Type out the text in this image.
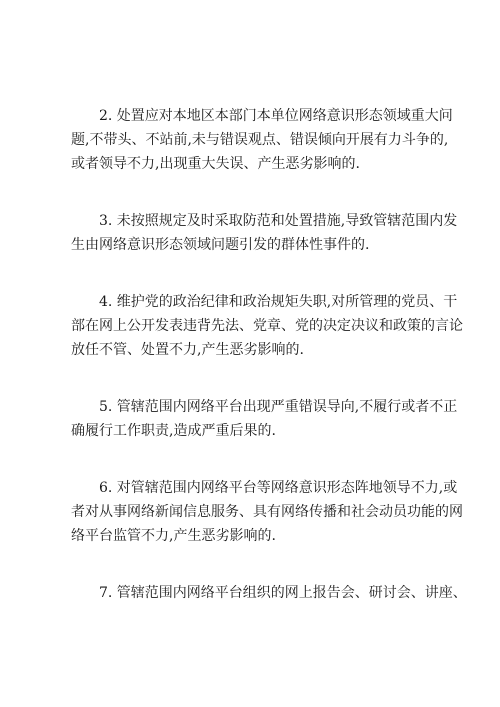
2. 处置应对本地区本部门本单位网络意识形态领域重大问
题,不带头、不站前,未与错误观点、错误倾向开展有力斗争的,
或者领导不力,出现重大失误、产生恶劣影响的.

3. 未按照规定及时采取防范和处置措施,导致管辖范围内发
生由网络意识形态领域问题引发的群体性事件的.

4. 维护党的政治纪律和政治规矩失职,对所管理的党员、干
部在网上公开发表违背先法、党章、党的决定决议和政策的言论
放任不管、处置不力,产生恶劣影响的.

5. 管辖范围内网络平台出现严重错误导向,不履行或者不正
确履行工作职责,造成严重后果的.

6. 对管辖范围内网络平台等网络意识形态阵地领导不力,或
者对从事网络新闻信息服务、具有网络传播和社会动员功能的网
络平台监管不力,产生恶劣影响的.

7. 管辖范围内网络平台组织的网上报告会、研讨会、讲座、
